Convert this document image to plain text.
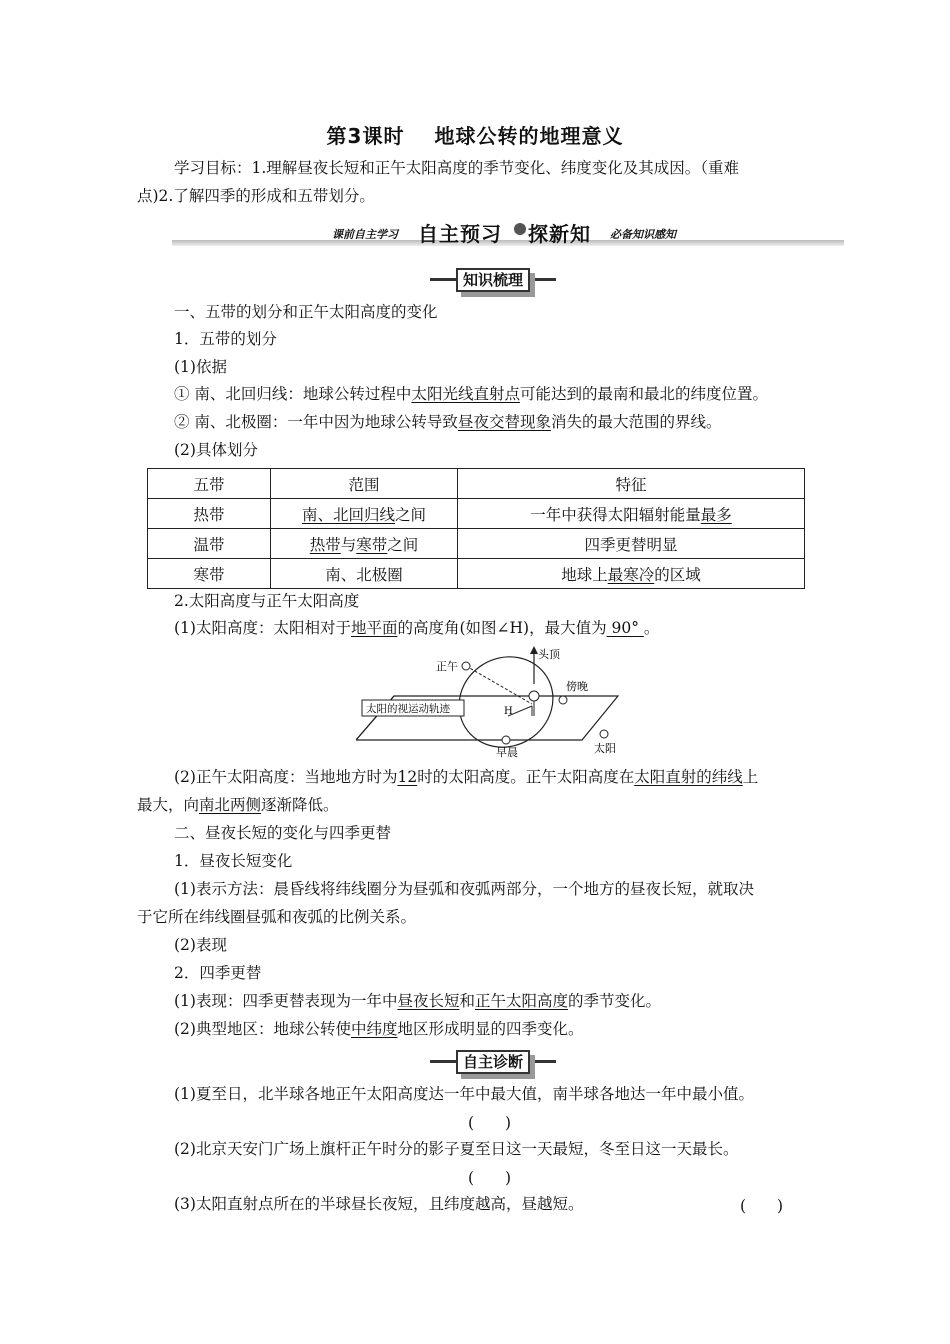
第3课时 地球公转的地理意义
学习目标：1.理解昼夜长短和正午太阳高度的季节变化、纬度变化及其成因。（重难
点)2.了解四季的形成和五带划分。
课前自主学习 自主预习 探新知 必备知识感知
知识梳理
一、五带的划分和正午太阳高度的变化
1．五带的划分
(1)依据
① 南、北回归线：地球公转过程中太阳光线直射点可能达到的最南和最北的纬度位置。
② 南、北极圈：一年中因为地球公转导致昼夜交替现象消失的最大范围的界线。
(2)具体划分
五带	范围	特征
热带	南、北回归线之间	一年中获得太阳辐射能量最多
温带	热带与寒带之间	四季更替明显
寒带	南、北极圈	地球上最寒冷的区域
2.太阳高度与正午太阳高度
(1)太阳高度：太阳相对于地平面的高度角(如图∠H)，最大值为 90° 。
头顶
正午
傍晚
早晨	太阳
H
太阳的视运动轨迹
(2)正午太阳高度：当地地方时为12时的太阳高度。正午太阳高度在太阳直射的纬线上
最大，向南北两侧逐渐降低。
二、昼夜长短的变化与四季更替
1．昼夜长短变化
(1)表示方法：晨昏线将纬线圈分为昼弧和夜弧两部分，一个地方的昼夜长短，就取决
于它所在纬线圈昼弧和夜弧的比例关系。
(2)表现
2．四季更替
(1)表现：四季更替表现为一年中昼夜长短和正午太阳高度的季节变化。
(2)典型地区：地球公转使中纬度地区形成明显的四季变化。
自主诊断
(1)夏至日，北半球各地正午太阳高度达一年中最大值，南半球各地达一年中最小值。
(　　)
(2)北京天安门广场上旗杆正午时分的影子夏至日这一天最短，冬至日这一天最长。
(　　)
(3)太阳直射点所在的半球昼长夜短，且纬度越高，昼越短。	(　　)
